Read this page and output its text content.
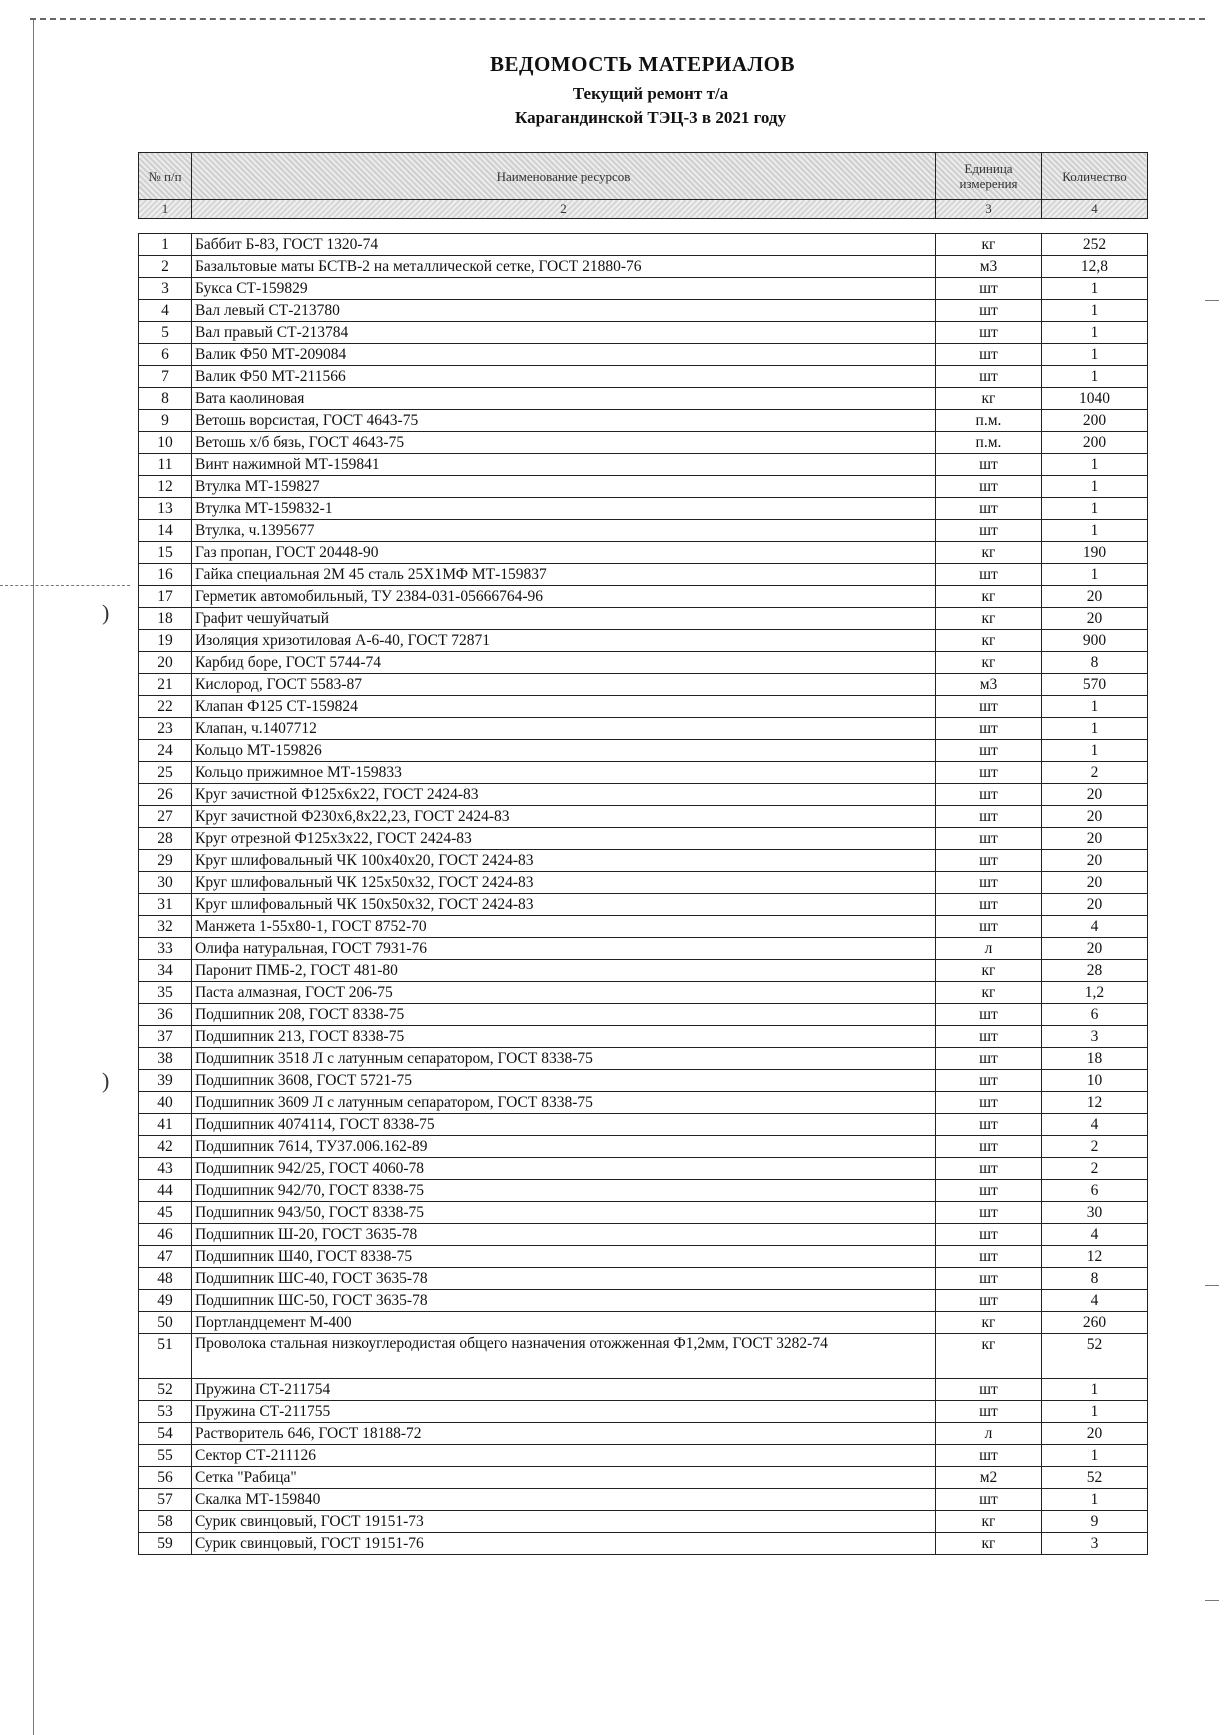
)
)
ВЕДОМОСТЬ МАТЕРИАЛОВ
Текущий ремонт т/а
Карагандинской ТЭЦ-3 в 2021 году
№ п/п	Наименование ресурсов	Единица измерения	Количество
1	2	3	4

1	Баббит Б-83, ГОСТ 1320-74	кг	252
2	Базальтовые маты БСТВ-2 на металлической сетке, ГОСТ 21880-76	м3	12,8
3	Букса СТ-159829	шт	1
4	Вал левый СТ-213780	шт	1
5	Вал правый СТ-213784	шт	1
6	Валик Ф50 МТ-209084	шт	1
7	Валик Ф50 МТ-211566	шт	1
8	Вата каолиновая	кг	1040
9	Ветошь ворсистая, ГОСТ 4643-75	п.м.	200
10	Ветошь х/б бязь, ГОСТ 4643-75	п.м.	200
11	Винт нажимной МТ-159841	шт	1
12	Втулка МТ-159827	шт	1
13	Втулка МТ-159832-1	шт	1
14	Втулка, ч.1395677	шт	1
15	Газ пропан, ГОСТ 20448-90	кг	190
16	Гайка специальная 2М 45 сталь 25Х1МФ МТ-159837	шт	1
17	Герметик автомобильный, ТУ 2384-031-05666764-96	кг	20
18	Графит чешуйчатый	кг	20
19	Изоляция хризотиловая А-6-40, ГОСТ 72871	кг	900
20	Карбид боре, ГОСТ 5744-74	кг	8
21	Кислород, ГОСТ 5583-87	м3	570
22	Клапан Ф125 СТ-159824	шт	1
23	Клапан, ч.1407712	шт	1
24	Кольцо МТ-159826	шт	1
25	Кольцо прижимное МТ-159833	шт	2
26	Круг зачистной Ф125х6х22, ГОСТ 2424-83	шт	20
27	Круг зачистной Ф230х6,8х22,23, ГОСТ 2424-83	шт	20
28	Круг отрезной Ф125х3х22, ГОСТ 2424-83	шт	20
29	Круг шлифовальный ЧК 100х40х20, ГОСТ 2424-83	шт	20
30	Круг шлифовальный ЧК 125х50х32, ГОСТ 2424-83	шт	20
31	Круг шлифовальный ЧК 150х50х32, ГОСТ 2424-83	шт	20
32	Манжета 1-55х80-1, ГОСТ 8752-70	шт	4
33	Олифа натуральная, ГОСТ 7931-76	л	20
34	Паронит ПМБ-2, ГОСТ 481-80	кг	28
35	Паста алмазная, ГОСТ 206-75	кг	1,2
36	Подшипник 208, ГОСТ 8338-75	шт	6
37	Подшипник 213, ГОСТ 8338-75	шт	3
38	Подшипник 3518 Л с латунным сепаратором, ГОСТ 8338-75	шт	18
39	Подшипник 3608, ГОСТ 5721-75	шт	10
40	Подшипник 3609 Л с латунным сепаратором, ГОСТ 8338-75	шт	12
41	Подшипник 4074114, ГОСТ 8338-75	шт	4
42	Подшипник 7614, ТУ37.006.162-89	шт	2
43	Подшипник 942/25, ГОСТ 4060-78	шт	2
44	Подшипник 942/70, ГОСТ 8338-75	шт	6
45	Подшипник 943/50, ГОСТ 8338-75	шт	30
46	Подшипник Ш-20, ГОСТ 3635-78	шт	4
47	Подшипник Ш40, ГОСТ 8338-75	шт	12
48	Подшипник ШС-40, ГОСТ 3635-78	шт	8
49	Подшипник ШС-50, ГОСТ 3635-78	шт	4
50	Портландцемент М-400	кг	260
51	Проволока стальная низкоуглеродистая общего назначения отожженная Ф1,2мм, ГОСТ 3282-74	кг	52
52	Пружина СТ-211754	шт	1
53	Пружина СТ-211755	шт	1
54	Растворитель 646, ГОСТ 18188-72	л	20
55	Сектор СТ-211126	шт	1
56	Сетка "Рабица"	м2	52
57	Скалка МТ-159840	шт	1
58	Сурик свинцовый, ГОСТ 19151-73	кг	9
59	Сурик свинцовый, ГОСТ 19151-76	кг	3
